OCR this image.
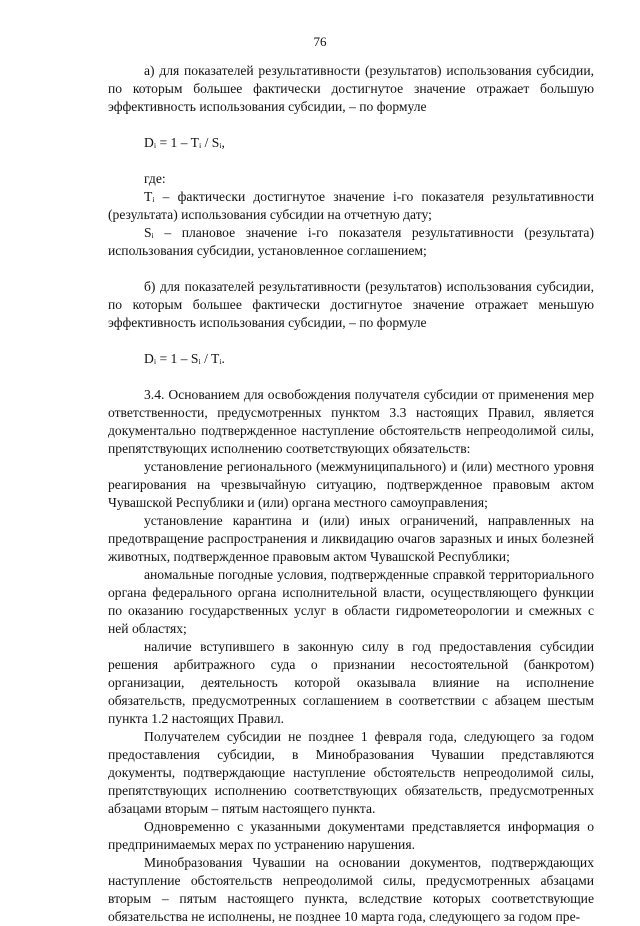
76

а) для показателей результативности (результатов) использования субсидии, по которым большее фактически достигнутое значение отражает большую эффективность использования субсидии, – по формуле

Dᵢ = 1 – Tᵢ / Sᵢ,

где:

Tᵢ – фактически достигнутое значение i-го показателя результативности (результата) использования субсидии на отчетную дату;

Sᵢ – плановое значение i-го показателя результативности (результата) использования субсидии, установленное соглашением;

б) для показателей результативности (результатов) использования субсидии, по которым большее фактически достигнутое значение отражает меньшую эффективность использования субсидии, – по формуле

Dᵢ = 1 – Sᵢ / Tᵢ.

3.4. Основанием для освобождения получателя субсидии от применения мер ответственности, предусмотренных пунктом 3.3 настоящих Правил, является документально подтвержденное наступление обстоятельств непреодолимой силы, препятствующих исполнению соответствующих обязательств:

установление регионального (межмуниципального) и (или) местного уровня реагирования на чрезвычайную ситуацию, подтвержденное правовым актом Чувашской Республики и (или) органа местного самоуправления;

установление карантина и (или) иных ограничений, направленных на предотвращение распространения и ликвидацию очагов заразных и иных болезней животных, подтвержденное правовым актом Чувашской Республики;

аномальные погодные условия, подтвержденные справкой территориального органа федерального органа исполнительной власти, осуществляющего функции по оказанию государственных услуг в области гидрометеорологии и смежных с ней областях;

наличие вступившего в законную силу в год предоставления субсидии решения арбитражного суда о признании несостоятельной (банкротом) организации, деятельность которой оказывала влияние на исполнение обязательств, предусмотренных соглашением в соответствии с абзацем шестым пункта 1.2 настоящих Правил.

Получателем субсидии не позднее 1 февраля года, следующего за годом предоставления субсидии, в Минобразования Чувашии представляются документы, подтверждающие наступление обстоятельств непреодолимой силы, препятствующих исполнению соответствующих обязательств, предусмотренных абзацами вторым – пятым настоящего пункта.

Одновременно с указанными документами представляется информация о предпринимаемых мерах по устранению нарушения.

Минобразования Чувашии на основании документов, подтверждающих наступление обстоятельств непреодолимой силы, предусмотренных абзацами вторым – пятым настоящего пункта, вследствие которых соответствующие обязательства не исполнены, не позднее 10 марта года, следующего за годом пре-
